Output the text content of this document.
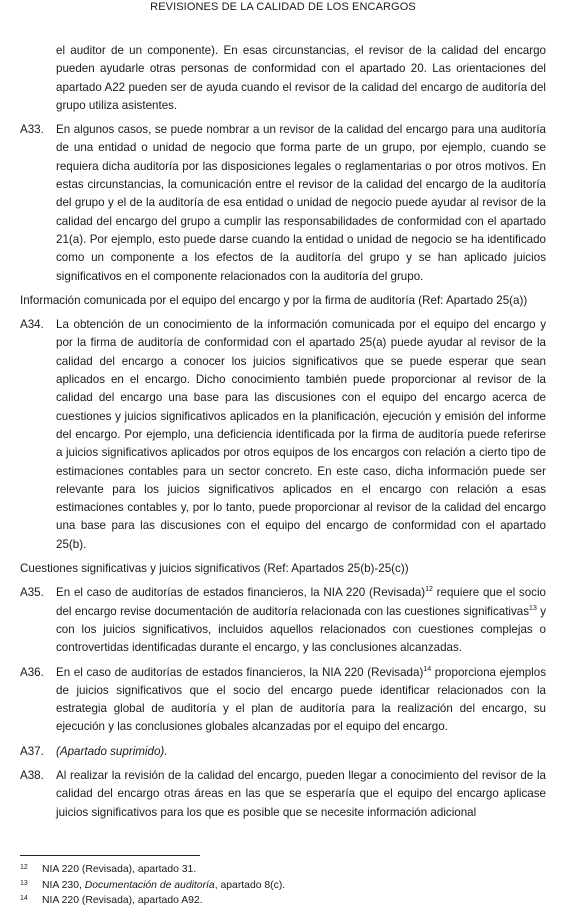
REVISIONES DE LA CALIDAD DE LOS ENCARGOS

el auditor de un componente). En esas circunstancias, el revisor de la calidad del encargo pueden ayudarle otras personas de conformidad con el apartado 20. Las orientaciones del apartado A22 pueden ser de ayuda cuando el revisor de la calidad del encargo de auditoría del grupo utiliza asistentes.

A33. En algunos casos, se puede nombrar a un revisor de la calidad del encargo para una auditoría de una entidad o unidad de negocio que forma parte de un grupo, por ejemplo, cuando se requiera dicha auditoría por las disposiciones legales o reglamentarias o por otros motivos. En estas circunstancias, la comunicación entre el revisor de la calidad del encargo de la auditoría del grupo y el de la auditoría de esa entidad o unidad de negocio puede ayudar al revisor de la calidad del encargo del grupo a cumplir las responsabilidades de conformidad con el apartado 21(a). Por ejemplo, esto puede darse cuando la entidad o unidad de negocio se ha identificado como un componente a los efectos de la auditoría del grupo y se han aplicado juicios significativos en el componente relacionados con la auditoría del grupo.

Información comunicada por el equipo del encargo y por la firma de auditoría (Ref: Apartado 25(a))

A34. La obtención de un conocimiento de la información comunicada por el equipo del encargo y por la firma de auditoría de conformidad con el apartado 25(a) puede ayudar al revisor de la calidad del encargo a conocer los juicios significativos que se puede esperar que sean aplicados en el encargo. Dicho conocimiento también puede proporcionar al revisor de la calidad del encargo una base para las discusiones con el equipo del encargo acerca de cuestiones y juicios significativos aplicados en la planificación, ejecución y emisión del informe del encargo. Por ejemplo, una deficiencia identificada por la firma de auditoría puede referirse a juicios significativos aplicados por otros equipos de los encargos con relación a cierto tipo de estimaciones contables para un sector concreto. En este caso, dicha información puede ser relevante para los juicios significativos aplicados en el encargo con relación a esas estimaciones contables y, por lo tanto, puede proporcionar al revisor de la calidad del encargo una base para las discusiones con el equipo del encargo de conformidad con el apartado 25(b).

Cuestiones significativas y juicios significativos (Ref: Apartados 25(b)-25(c))

A35. En el caso de auditorías de estados financieros, la NIA 220 (Revisada)$^{12}$ requiere que el socio del encargo revise documentación de auditoría relacionada con las cuestiones significativas$^{13}$ y con los juicios significativos, incluidos aquellos relacionados con cuestiones complejas o controvertidas identificadas durante el encargo, y las conclusiones alcanzadas.
A36. En el caso de auditorías de estados financieros, la NIA 220 (Revisada)$^{14}$ proporciona ejemplos de juicios significativos que el socio del encargo puede identificar relacionados con la estrategia global de auditoría y el plan de auditoría para la realización del encargo, su ejecución y las conclusiones globales alcanzadas por el equipo del encargo.
A37. (Apartado suprimido).
A38. Al realizar la revisión de la calidad del encargo, pueden llegar a conocimiento del revisor de la calidad del encargo otras áreas en las que se esperaría que el equipo del encargo aplicase juicios significativos para los que es posible que se necesite información adicional
12 NIA 220 (Revisada), apartado 31.
13 NIA 230, Documentación de auditoría, apartado 8(c).
14 NIA 220 (Revisada), apartado A92.
